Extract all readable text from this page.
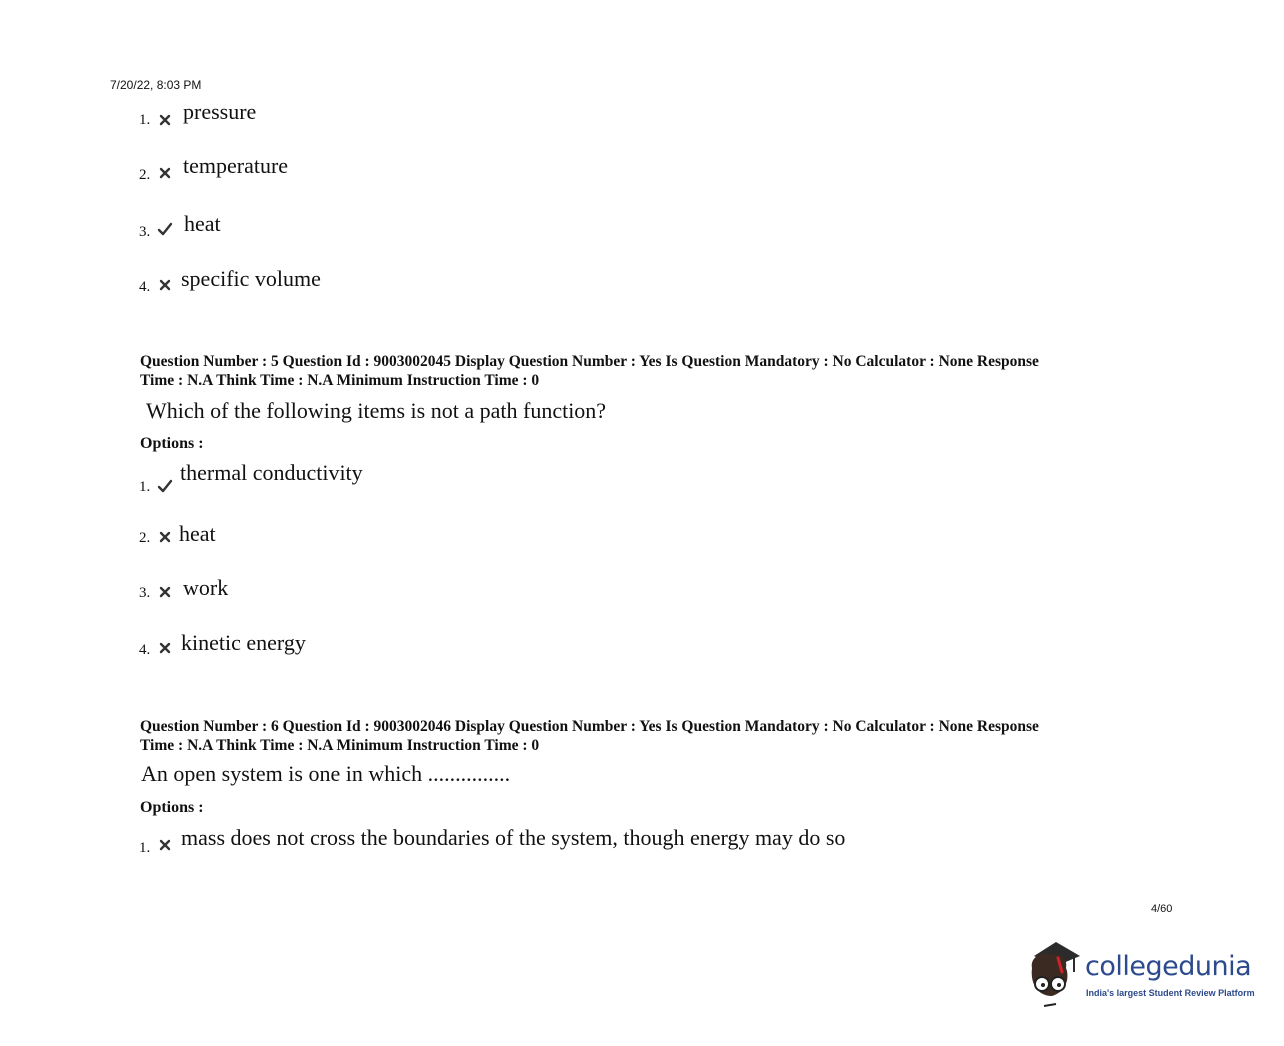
7/20/22, 8:03 PM
1. pressure
2. temperature
3. heat
4. specific volume
Question Number : 5 Question Id : 9003002045 Display Question Number : Yes Is Question Mandatory : No Calculator : None Response
Time : N.A Think Time : N.A Minimum Instruction Time : 0
Which of the following items is not a path function?
Options :
1.
thermal conductivity
2. heat
3. work
4. kinetic energy
Question Number : 6 Question Id : 9003002046 Display Question Number : Yes Is Question Mandatory : No Calculator : None Response
Time : N.A Think Time : N.A Minimum Instruction Time : 0
An open system is one in which ...............
Options :
1. mass does not cross the boundaries of the system, though energy may do so
4/60
collegedunia
India's largest Student Review Platform
